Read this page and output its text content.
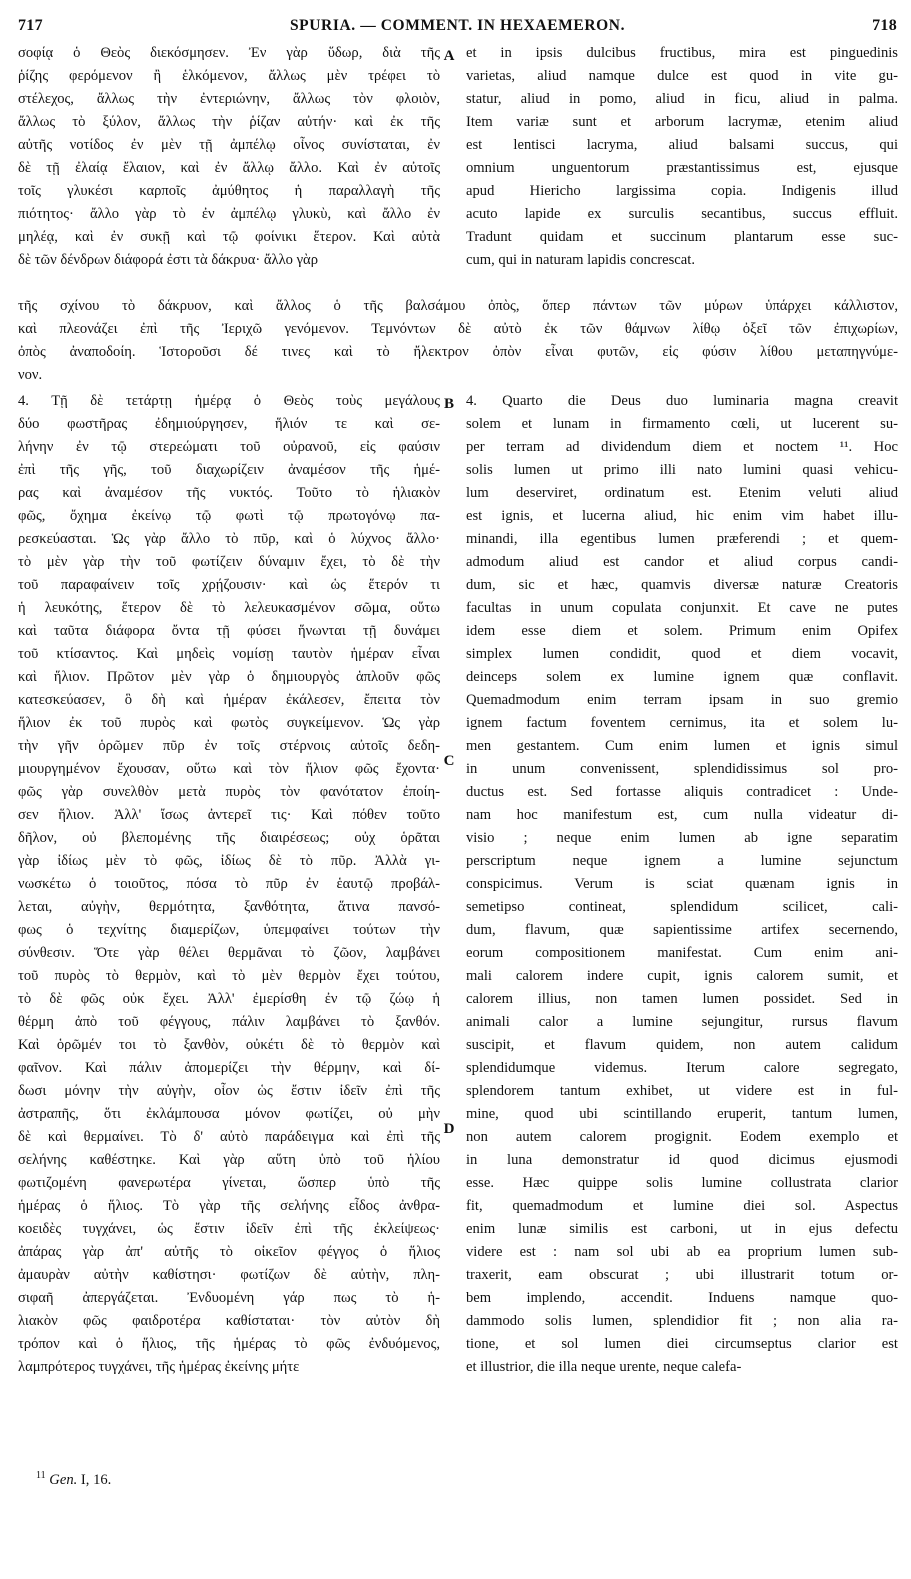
717	SPURIA. — COMMENT. IN HEXAEMERON.	718
σοφίᾳ ὁ Θεὸς διεκόσμησεν. Ἐν γὰρ ὕδωρ, διὰ τῆς
ῥίζης φερόμενον ἢ ἑλκόμενον, ἄλλως μὲν τρέφει τὸ
στέλεχος, ἄλλως τὴν ἐντεριώνην, ἄλλως τὸν φλοιὸν,
ἄλλως τὸ ξύλον, ἄλλως τὴν ῥίζαν αὐτήν· καὶ ἐκ τῆς
αὐτῆς νοτίδος ἐν μὲν τῇ ἀμπέλῳ οἶνος συνίσταται, ἐν
δὲ τῇ ἐλαίᾳ ἔλαιον, καὶ ἐν ἄλλῳ ἄλλο. Καὶ ἐν αὐτοῖς
τοῖς γλυκέσι καρποῖς ἀμύθητος ἡ παραλλαγὴ τῆς
πιότητος· ἄλλο γὰρ τὸ ἐν ἀμπέλῳ γλυκὺ, καὶ ἄλλο ἐν
μηλέᾳ, καὶ ἐν συκῇ καὶ τῷ φοίνικι ἕτερον. Καὶ αὐτὰ
δὲ τῶν δένδρων διάφορά ἐστι τὰ δάκρυα· ἄλλο γὰρ
et in ipsis dulcibus fructibus, mira est pinguedinis
varietas, aliud namque dulce est quod in vite gu-
statur, aliud in pomo, aliud in ficu, aliud in palma.
Item variæ sunt et arborum lacrymæ, etenim aliud
est lentisci lacryma, aliud balsami succus, qui
omnium unguentorum præstantissimus est, ejusque
apud Hiericho largissima copia. Indigenis illud
acuto lapide ex surculis secantibus, succus effluit.
Tradunt quidam et succinum plantarum esse suc-
cum, qui in naturam lapidis concrescat.
A
τῆς σχίνου τὸ δάκρυον, καὶ ἄλλος ὁ τῆς βαλσάμου ὀπὸς, ὅπερ πάντων τῶν μύρων ὑπάρχει κάλλιστον,
καὶ πλεονάζει ἐπὶ τῆς Ἰεριχῶ γενόμενον. Τεμνόντων δὲ αὐτὸ ἐκ τῶν θάμνων λίθῳ ὀξεῖ τῶν ἐπιχωρίων,
ὀπὸς ἀναποδοίη. Ἱστοροῦσι δέ τινες καὶ τὸ ἤλεκτρον ὀπὸν εἶναι φυτῶν, εἰς φύσιν λίθου μεταπηγνύμε-
νον.
4. Τῇ δὲ τετάρτῃ ἡμέρᾳ ὁ Θεὸς τοὺς μεγάλους
δύο φωστῆρας ἐδημιούργησεν, ἥλιόν τε καὶ σε-
λήνην ἐν τῷ στερεώματι τοῦ οὐρανοῦ, εἰς φαύσιν
ἐπὶ τῆς γῆς, τοῦ διαχωρίζειν ἀναμέσον τῆς ἡμέ-
ρας καὶ ἀναμέσον τῆς νυκτός. Τοῦτο τὸ ἡλιακὸν
φῶς, ὄχημα ἐκείνῳ τῷ φωτὶ τῷ πρωτογόνῳ πα-
ρεσκεύασται. Ὡς γὰρ ἄλλο τὸ πῦρ, καὶ ὁ λύχνος ἄλλο·
τὸ μὲν γὰρ τὴν τοῦ φωτίζειν δύναμιν ἔχει, τὸ δὲ τὴν
τοῦ παραφαίνειν τοῖς χρῄζουσιν· καὶ ὡς ἕτερόν τι
ἡ λευκότης, ἕτερον δὲ τὸ λελευκασμένον σῶμα, οὕτω
καὶ ταῦτα διάφορα ὄντα τῇ φύσει ἥνωνται τῇ δυνάμει
τοῦ κτίσαντος. Καὶ μηδεὶς νομίσῃ ταυτὸν ἡμέραν εἶναι
καὶ ἥλιον. Πρῶτον μὲν γὰρ ὁ δημιουργὸς ἁπλοῦν φῶς
κατεσκεύασεν, ὃ δὴ καὶ ἡμέραν ἐκάλεσεν, ἔπειτα τὸν
ἥλιον ἐκ τοῦ πυρὸς καὶ φωτὸς συγκείμενον. Ὡς γὰρ
τὴν γῆν ὁρῶμεν πῦρ ἐν τοῖς στέρνοις αὐτοῖς δεδη-
μιουργημένον ἔχουσαν, οὕτω καὶ τὸν ἥλιον φῶς ἔχοντα·
φῶς γὰρ συνελθὸν μετὰ πυρὸς τὸν φανότατον ἐποίη-
σεν ἥλιον. Ἀλλ' ἴσως ἀντερεῖ τις· Καὶ πόθεν τοῦτο
δῆλον, οὐ βλεπομένης τῆς διαιρέσεως; οὐχ ὁρᾶται
γὰρ ἰδίως μὲν τὸ φῶς, ἰδίως δὲ τὸ πῦρ. Ἀλλὰ γι-
νωσκέτω ὁ τοιοῦτος, πόσα τὸ πῦρ ἐν ἑαυτῷ προβάλ-
λεται, αὐγὴν, θερμότητα, ξανθότητα, ἅτινα πανσό-
φως ὁ τεχνίτης διαμερίζων, ὑπεμφαίνει τούτων τὴν
σύνθεσιν. Ὅτε γὰρ θέλει θερμᾶναι τὸ ζῶον, λαμβάνει
τοῦ πυρὸς τὸ θερμὸν, καὶ τὸ μὲν θερμὸν ἔχει τούτου,
τὸ δὲ φῶς οὐκ ἔχει. Ἀλλ' ἐμερίσθη ἐν τῷ ζώῳ ἡ
θέρμη ἀπὸ τοῦ φέγγους, πάλιν λαμβάνει τὸ ξανθόν.
Καὶ ὁρῶμέν τοι τὸ ξανθὸν, οὐκέτι δὲ τὸ θερμὸν καὶ
φαῖνον. Καὶ πάλιν ἀπομερίζει τὴν θέρμην, καὶ δί-
δωσι μόνην τὴν αὐγὴν, οἷον ὡς ἔστιν ἰδεῖν ἐπὶ τῆς
ἀστραπῆς, ὅτι ἐκλάμπουσα μόνον φωτίζει, οὐ μὴν
δὲ καὶ θερμαίνει. Τὸ δ' αὐτὸ παράδειγμα καὶ ἐπὶ τῆς
σελήνης καθέστηκε. Καὶ γὰρ αὕτη ὑπὸ τοῦ ἡλίου
φωτιζομένη φανερωτέρα γίνεται, ὥσπερ ὑπὸ τῆς
ἡμέρας ὁ ἥλιος. Τὸ γὰρ τῆς σελήνης εἶδος ἀνθρα-
κοειδὲς τυγχάνει, ὡς ἔστιν ἰδεῖν ἐπὶ τῆς ἐκλείψεως·
ἀπάρας γὰρ ἀπ' αὐτῆς τὸ οἰκεῖον φέγγος ὁ ἥλιος
ἀμαυρὰν αὐτὴν καθίστησι· φωτίζων δὲ αὐτὴν, πλη-
σιφαῆ ἀπεργάζεται. Ἐνδυομένη γάρ πως τὸ ἡ-
λιακὸν φῶς φαιδροτέρα καθίσταται· τὸν αὐτὸν δὴ
τρόπον καὶ ὁ ἥλιος, τῆς ἡμέρας τὸ φῶς ἐνδυόμενος,
λαμπρότερος τυγχάνει, τῆς ἡμέρας ἐκείνης μήτε
4. Quarto die Deus duo luminaria magna creavit
solem et lunam in firmamento cœli, ut lucerent su-
per terram ad dividendum diem et noctem ¹¹. Hoc
solis lumen ut primo illi nato lumini quasi vehicu-
lum deserviret, ordinatum est. Etenim veluti aliud
est ignis, et lucerna aliud, hic enim vim habet illu-
minandi, illa egentibus lumen præferendi ; et quem-
admodum aliud est candor et aliud corpus candi-
dum, sic et hæc, quamvis diversæ naturæ Creatoris
facultas in unum copulata conjunxit. Et cave ne putes
idem esse diem et solem. Primum enim Opifex
simplex lumen condidit, quod et diem vocavit,
deinceps solem ex lumine ignem quæ conflavit.
Quemadmodum enim terram ipsam in suo gremio
ignem factum foventem cernimus, ita et solem lu-
men gestantem. Cum enim lumen et ignis simul
in unum convenissent, splendidissimus sol pro-
ductus est. Sed fortasse aliquis contradicet : Unde-
nam hoc manifestum est, cum nulla videatur di-
visio ; neque enim lumen ab igne separatim
perscriptum neque ignem a lumine sejunctum
conspicimus. Verum is sciat quænam ignis in
semetipso contineat, splendidum scilicet, cali-
dum, flavum, quæ sapientissime artifex secernendo,
eorum compositionem manifestat. Cum enim ani-
mali calorem indere cupit, ignis calorem sumit, et
calorem illius, non tamen lumen possidet. Sed in
animali calor a lumine sejungitur, rursus flavum
suscipit, et flavum quidem, non autem calidum
splendidumque videmus. Iterum calore segregato,
splendorem tantum exhibet, ut videre est in ful-
mine, quod ubi scintillando eruperit, tantum lumen,
non autem calorem progignit. Eodem exemplo et
in luna demonstratur id quod dicimus ejusmodi
esse. Hæc quippe solis lumine collustrata clarior
fit, quemadmodum et lumine diei sol. Aspectus
enim lunæ similis est carboni, ut in ejus defectu
videre est : nam sol ubi ab ea proprium lumen sub-
traxerit, eam obscurat ; ubi illustrarit totum or-
bem implendo, accendit. Induens namque quo-
dammodo solis lumen, splendidior fit ; non alia ra-
tione, et sol lumen diei circumseptus clarior est
et illustrior, die illa neque urente, neque calefa-
B
C
D
$^{11}$ Gen. I, 16.
